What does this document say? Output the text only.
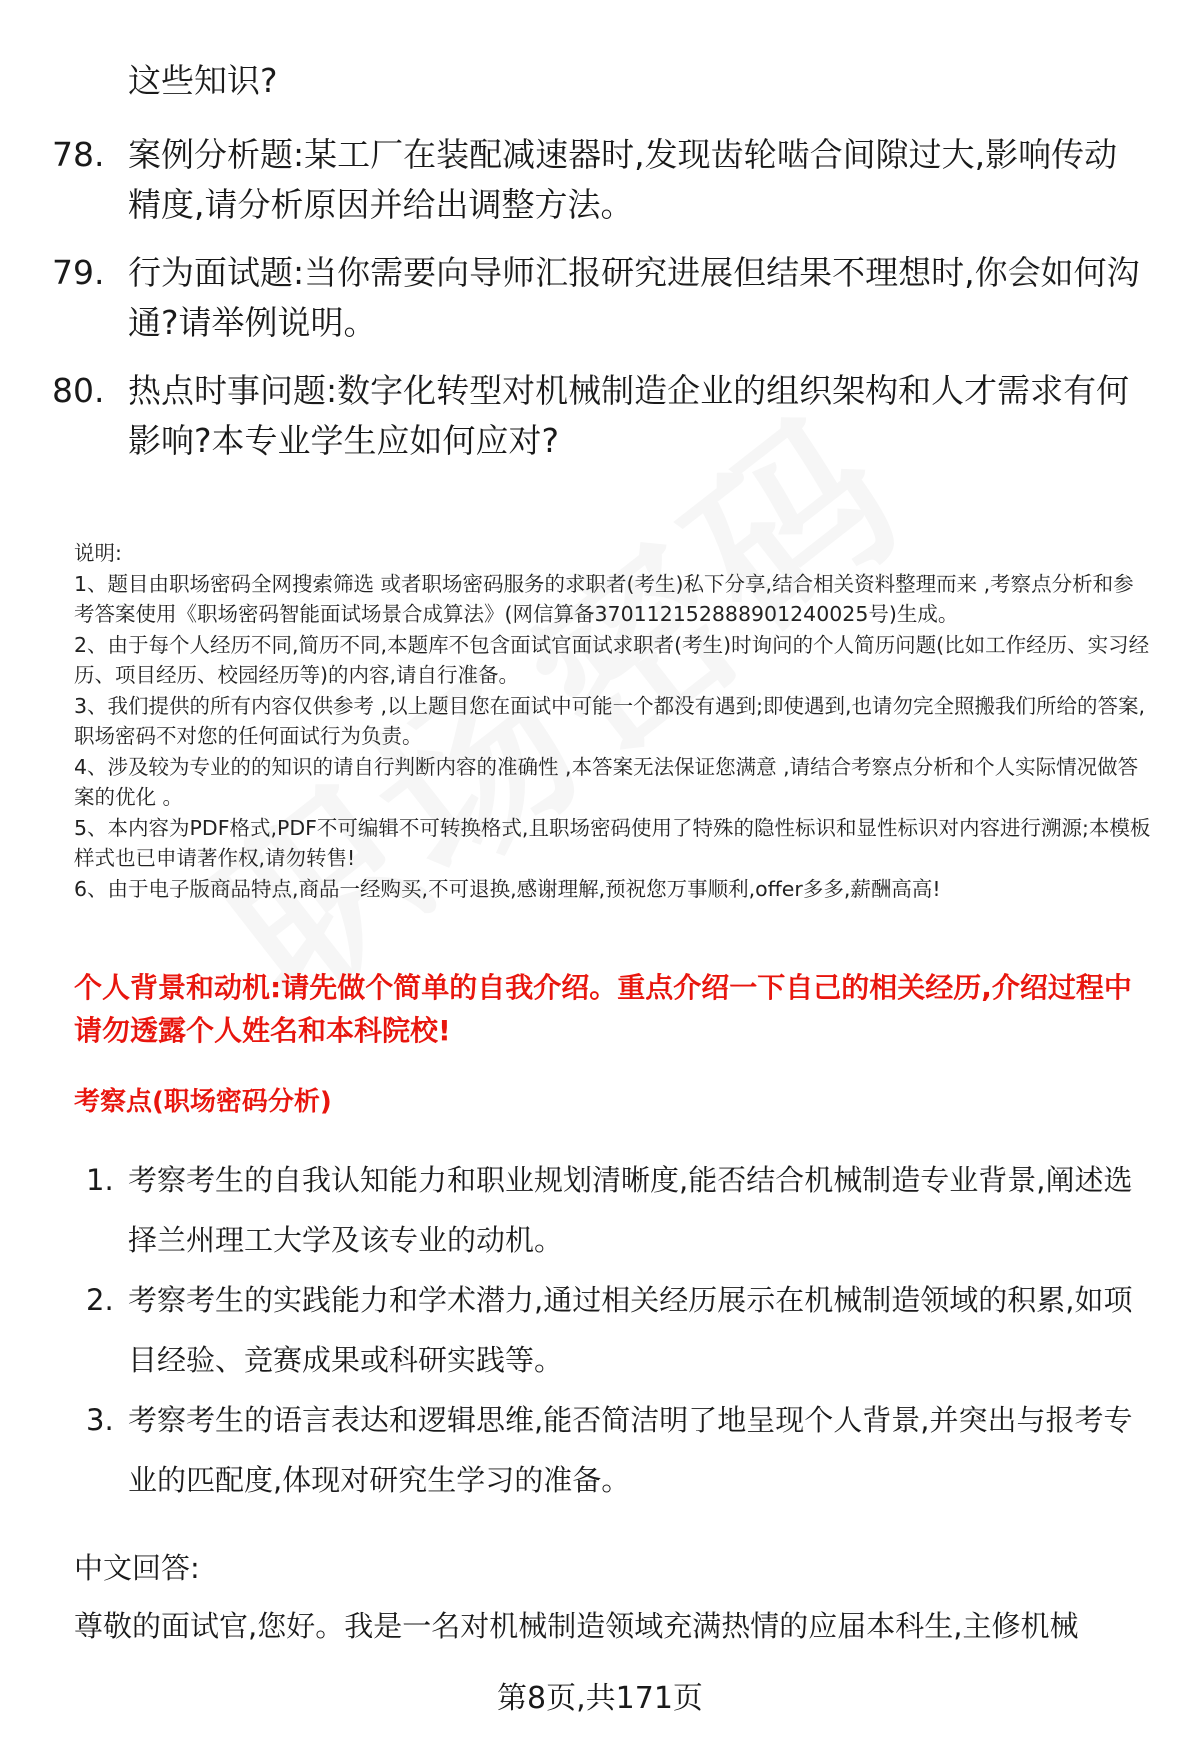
这些知识?
78. 案例分析题:某工厂在装配减速器时,发现齿轮啮合间隙过大,影响传动精度,请分析原因并给出调整方法。
79. 行为面试题:当你需要向导师汇报研究进展但结果不理想时,你会如何沟通?请举例说明。
80. 热点时事问题:数字化转型对机械制造企业的组织架构和人才需求有何影响?本专业学生应如何应对?

说明:

1、题目由职场密码全网搜索筛选 或者职场密码服务的求职者(考生)私下分享,结合相关资料整理而来 ,考察点分析和参考答案使用《职场密码智能面试场景合成算法》(网信算备370112152888901240025号)生成。

2、由于每个人经历不同,简历不同,本题库不包含面试官面试求职者(考生)时询问的个人简历问题(比如工作经历、实习经历、项目经历、校园经历等)的内容,请自行准备。

3、我们提供的所有内容仅供参考 ,以上题目您在面试中可能一个都没有遇到;即使遇到,也请勿完全照搬我们所给的答案,职场密码不对您的任何面试行为负责。

4、涉及较为专业的的知识的请自行判断内容的准确性 ,本答案无法保证您满意 ,请结合考察点分析和个人实际情况做答案的优化 。

5、本内容为PDF格式,PDF不可编辑不可转换格式,且职场密码使用了特殊的隐性标识和显性标识对内容进行溯源;本模板样式也已申请著作权,请勿转售!

6、由于电子版商品特点,商品一经购买,不可退换,感谢理解,预祝您万事顺利,offer多多,薪酬高高!

个人背景和动机:请先做个简单的自我介绍。重点介绍一下自己的相关经历,介绍过程中请勿透露个人姓名和本科院校!
考察点(职场密码分析)
1. 考察考生的自我认知能力和职业规划清晰度,能否结合机械制造专业背景,阐述选择兰州理工大学及该专业的动机。
2. 考察考生的实践能力和学术潜力,通过相关经历展示在机械制造领域的积累,如项目经验、竞赛成果或科研实践等。
3. 考察考生的语言表达和逻辑思维,能否简洁明了地呈现个人背景,并突出与报考专业的匹配度,体现对研究生学习的准备。
中文回答:
尊敬的面试官,您好。我是一名对机械制造领域充满热情的应届本科生,主修机械
第8页,共171页
